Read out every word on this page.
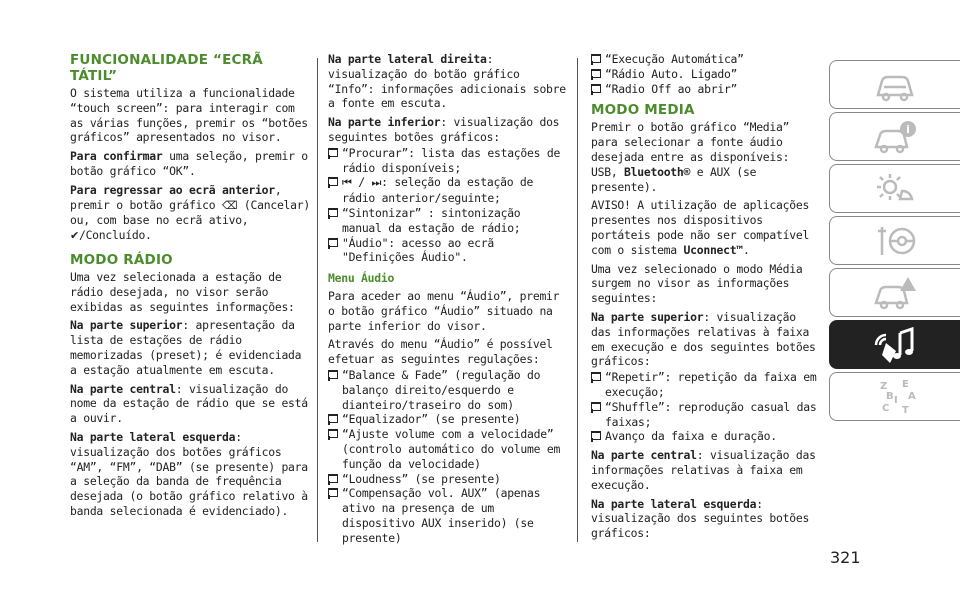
FUNCIONALIDADE “ECRÃ TÁTIL”

O sistema utiliza a funcionalidade “touch screen”: para interagir com as várias funções, premir os “botões gráficos” apresentados no visor.

Para confirmar uma seleção, premir o botão gráfico “OK”.

Para regressar ao ecrã anterior, premir o botão gráfico ⌫ (Cancelar) ou, com base no ecrã ativo, ✔/Concluído.

MODO RÁDIO

Uma vez selecionada a estação de rádio desejada, no visor serão exibidas as seguintes informações:

Na parte superior: apresentação da lista de estações de rádio memorizadas (preset); é evidenciada a estação atualmente em escuta.

Na parte central: visualização do nome da estação de rádio que se está a ouvir.

Na parte lateral esquerda: visualização dos botões gráficos “AM”, “FM”, “DAB” (se presente) para a seleção da banda de frequência desejada (o botão gráfico relativo à banda selecionada é evidenciado).

Na parte lateral direita: visualização do botão gráfico “Info”: informações adicionais sobre a fonte em escuta.

Na parte inferior: visualização dos seguintes botões gráficos:

“Procurar”: lista das estações de rádio disponíveis;
⏮ / ⏭: seleção da estação de rádio anterior/seguinte;
“Sintonizar” : sintonização manual da estação de rádio;
"Áudio": acesso ao ecrã "Definições Áudio".
Menu Áudio

Para aceder ao menu “Áudio”, premir o botão gráfico “Áudio” situado na parte inferior do visor.

Através do menu “Áudio” é possível efetuar as seguintes regulações:

“Balance & Fade” (regulação do balanço direito/esquerdo e dianteiro/traseiro do som)
“Equalizador” (se presente)
“Ajuste volume com a velocidade” (controlo automático do volume em função da velocidade)
“Loudness” (se presente)
“Compensação vol. AUX” (apenas ativo na presença de um dispositivo AUX inserido) (se presente)
“Execução Automática”
“Rádio Auto. Ligado”
“Radio Off ao abrir”
MODO MEDIA

Premir o botão gráfico “Media” para selecionar a fonte áudio desejada entre as disponíveis: USB, Bluetooth® e AUX (se presente).

AVISO! A utilização de aplicações presentes nos dispositivos portáteis pode não ser compatível com o sistema Uconnect™.

Uma vez selecionado o modo Média surgem no visor as informações seguintes:

Na parte superior: visualização das informações relativas à faixa em execução e dos seguintes botões gráficos:

“Repetir”: repetição da faixa em execução;
“Shuffle”: reprodução casual das faixas;
Avanço da faixa e duração.

Na parte central: visualização das informações relativas à faixa em execução.

Na parte lateral esquerda: visualização dos seguintes botões gráficos:

i
Z E
B A
I
C T
321
